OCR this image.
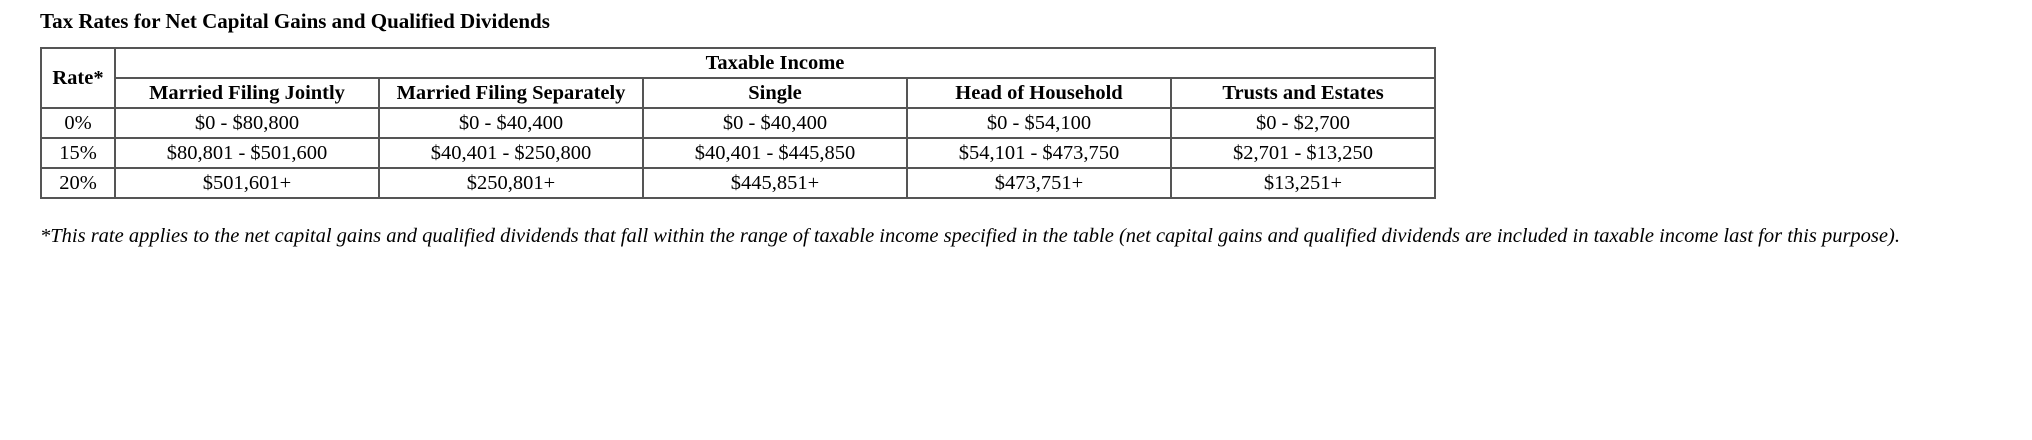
Tax Rates for Net Capital Gains and Qualified Dividends
Rate*	Taxable Income				
	Married Filing Jointly	Married Filing Separately	Single	Head of Household	Trusts and Estates
0%	$0 - $80,800	$0 - $40,400	$0 - $40,400	$0 - $54,100	$0 - $2,700
15%	$80,801 - $501,600	$40,401 - $250,800	$40,401 - $445,850	$54,101 - $473,750	$2,701 - $13,250
20%	$501,601+	$250,801+	$445,851+	$473,751+	$13,251+
*This rate applies to the net capital gains and qualified dividends that fall within the range of taxable income specified in the table (net capital gains and qualified dividends are included in taxable income last for this purpose).
